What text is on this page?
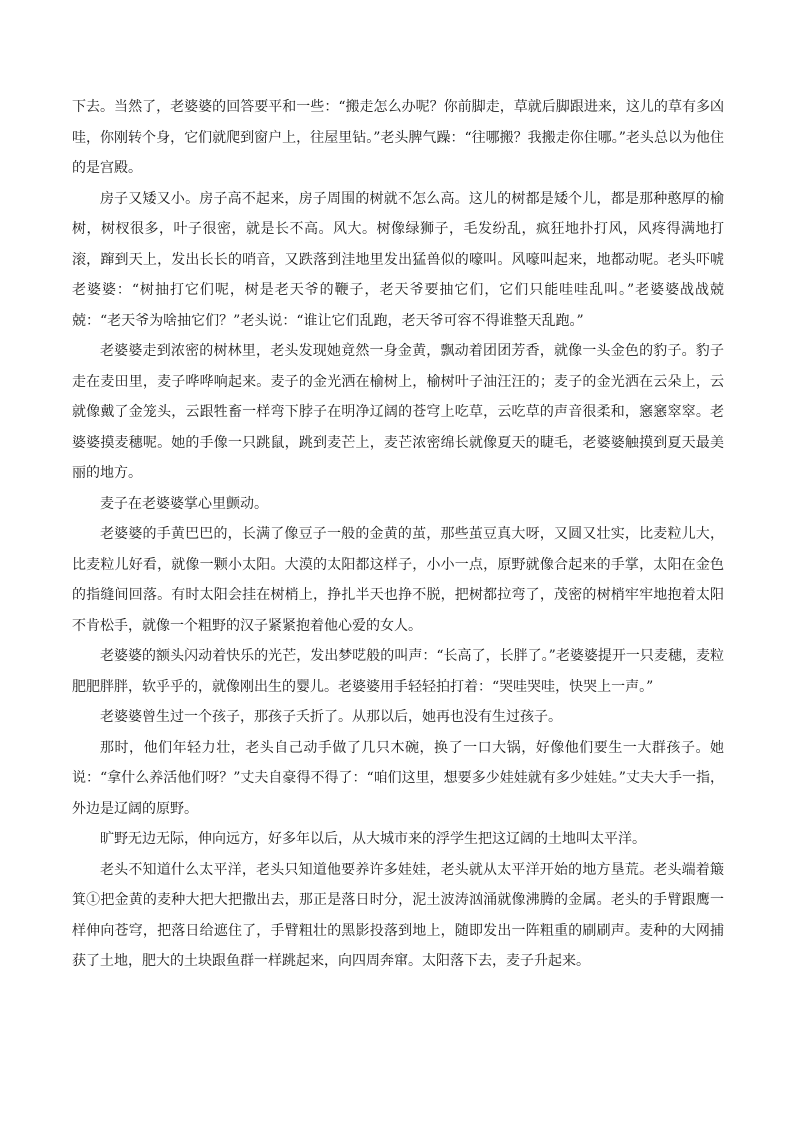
下去。当然了，老婆婆的回答要平和一些：“搬走怎么办呢？你前脚走，草就后脚跟进来，这儿的草有多凶哇，你刚转个身，它们就爬到窗户上，往屋里钻。”老头脾气躁：“往哪搬？我搬走你住哪。”老头总以为他住的是宫殿。

房子又矮又小。房子高不起来，房子周围的树就不怎么高。这儿的树都是矮个儿，都是那种憨厚的榆树，树杈很多，叶子很密，就是长不高。风大。树像绿狮子，毛发纷乱，疯狂地扑打风，风疼得满地打滚，蹿到天上，发出长长的哨音，又跌落到洼地里发出猛兽似的嚎叫。风嚎叫起来，地都动呢。老头吓唬老婆婆：“树抽打它们呢，树是老天爷的鞭子，老天爷要抽它们，它们只能哇哇乱叫。”老婆婆战战兢兢：“老天爷为啥抽它们？”老头说：“谁让它们乱跑，老天爷可容不得谁整天乱跑。”

老婆婆走到浓密的树林里，老头发现她竟然一身金黄，飘动着团团芳香，就像一头金色的豹子。豹子走在麦田里，麦子哗哗响起来。麦子的金光洒在榆树上，榆树叶子油汪汪的；麦子的金光洒在云朵上，云就像戴了金笼头，云跟牲畜一样弯下脖子在明净辽阔的苍穹上吃草，云吃草的声音很柔和，窸窸窣窣。老婆婆摸麦穗呢。她的手像一只跳鼠，跳到麦芒上，麦芒浓密绵长就像夏天的睫毛，老婆婆触摸到夏天最美丽的地方。

麦子在老婆婆掌心里颤动。

老婆婆的手黄巴巴的，长满了像豆子一般的金黄的茧，那些茧豆真大呀，又圆又壮实，比麦粒儿大，比麦粒儿好看，就像一颗小太阳。大漠的太阳都这样子，小小一点，原野就像合起来的手掌，太阳在金色的指缝间回落。有时太阳会挂在树梢上，挣扎半天也挣不脱，把树都拉弯了，茂密的树梢牢牢地抱着太阳不肯松手，就像一个粗野的汉子紧紧抱着他心爱的女人。

老婆婆的额头闪动着快乐的光芒，发出梦呓般的叫声：“长高了，长胖了。”老婆婆提开一只麦穗，麦粒肥肥胖胖，软乎乎的，就像刚出生的婴儿。老婆婆用手轻轻拍打着：“哭哇哭哇，快哭上一声。”

老婆婆曾生过一个孩子，那孩子夭折了。从那以后，她再也没有生过孩子。

那时，他们年轻力壮，老头自己动手做了几只木碗，换了一口大锅，好像他们要生一大群孩子。她说：“拿什么养活他们呀？”丈夫自豪得不得了：“咱们这里，想要多少娃娃就有多少娃娃。”丈夫大手一指，外边是辽阔的原野。

旷野无边无际，伸向远方，好多年以后，从大城市来的浮学生把这辽阔的土地叫太平洋。

老头不知道什么太平洋，老头只知道他要养许多娃娃，老头就从太平洋开始的地方垦荒。老头端着簸箕①把金黄的麦种大把大把撒出去，那正是落日时分，泥土波涛汹涌就像沸腾的金属。老头的手臂跟鹰一样伸向苍穹，把落日给遮住了，手臂粗壮的黑影投落到地上，随即发出一阵粗重的刷刷声。麦种的大网捕获了土地，肥大的土块跟鱼群一样跳起来，向四周奔窜。太阳落下去，麦子升起来。
